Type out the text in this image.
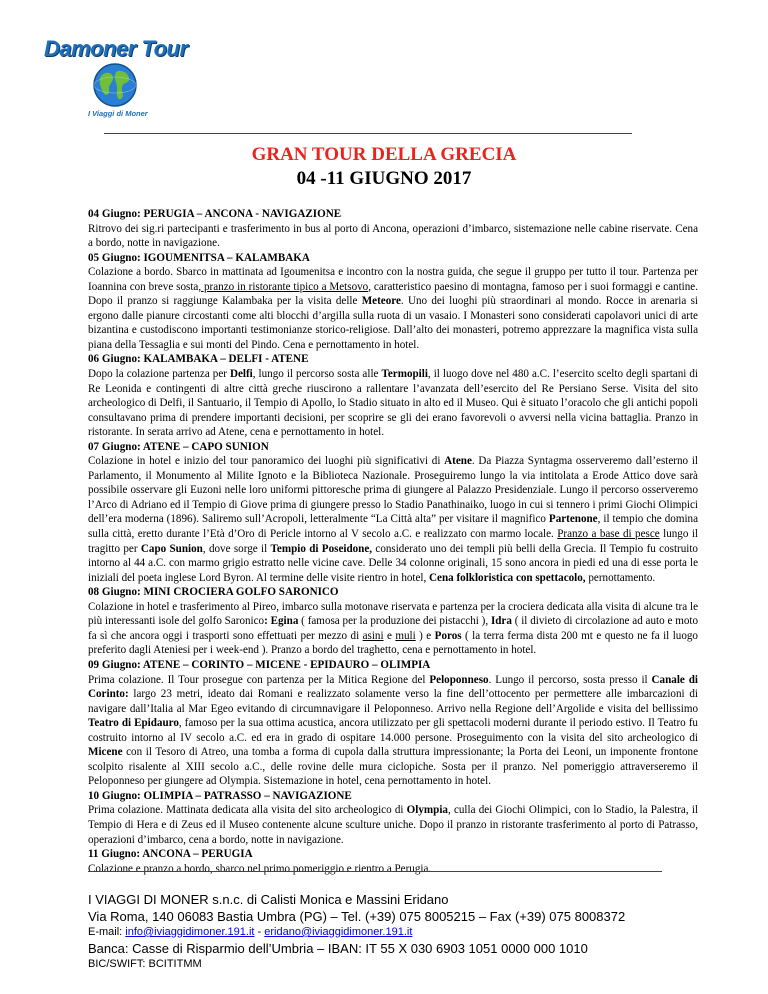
Damoner Tour
I Viaggi di Moner
GRAN TOUR DELLA GRECIA
04 -11 GIUGNO 2017

04 Giugno: PERUGIA – ANCONA - NAVIGAZIONE

Ritrovo dei sig.ri partecipanti e trasferimento in bus al porto di Ancona, operazioni d’imbarco, sistemazione nelle cabine riservate. Cena a bordo, notte in navigazione.

05 Giugno: IGOUMENITSA – KALAMBAKA

Colazione a bordo. Sbarco in mattinata ad Igoumenitsa e incontro con la nostra guida, che segue il gruppo per tutto il tour. Partenza per Ioannina con breve sosta, pranzo in ristorante tipico a Metsovo, caratteristico paesino di montagna, famoso per i suoi formaggi e cantine. Dopo il pranzo si raggiunge Kalambaka per la visita delle Meteore. Uno dei luoghi più straordinari al mondo. Rocce in arenaria si ergono dalle pianure circostanti come alti blocchi d’argilla sulla ruota di un vasaio. I Monasteri sono considerati capolavori unici di arte bizantina e custodiscono importanti testimonianze storico-religiose. Dall’alto dei monasteri, potremo apprezzare la magnifica vista sulla piana della Tessaglia e sui monti del Pindo. Cena e pernottamento in hotel.

06 Giugno: KALAMBAKA – DELFI - ATENE

Dopo la colazione partenza per Delfi, lungo il percorso sosta alle Termopili, il luogo dove nel 480 a.C. l’esercito scelto degli spartani di Re Leonida e contingenti di altre città greche riuscirono a rallentare l’avanzata dell’esercito del Re Persiano Serse. Visita del sito archeologico di Delfi, il Santuario, il Tempio di Apollo, lo Stadio situato in alto ed il Museo. Qui è situato l’oracolo che gli antichi popoli consultavano prima di prendere importanti decisioni, per scoprire se gli dei erano favorevoli o avversi nella vicina battaglia. Pranzo in ristorante. In serata arrivo ad Atene, cena e pernottamento in hotel.

07 Giugno: ATENE – CAPO SUNION

Colazione in hotel e inizio del tour panoramico dei luoghi più significativi di Atene. Da Piazza Syntagma osserveremo dall’esterno il Parlamento, il Monumento al Milite Ignoto e la Biblioteca Nazionale. Proseguiremo lungo la via intitolata a Erode Attico dove sarà possibile osservare gli Euzoni nelle loro uniformi pittoresche prima di giungere al Palazzo Presidenziale. Lungo il percorso osserveremo l’Arco di Adriano ed il Tempio di Giove prima di giungere presso lo Stadio Panathinaiko, luogo in cui si tennero i primi Giochi Olimpici dell’era moderna (1896). Saliremo sull’Acropoli, letteralmente “La Città alta” per visitare il magnifico Partenone, il tempio che domina sulla città, eretto durante l’Età d’Oro di Pericle intorno al V secolo a.C. e realizzato con marmo locale. Pranzo a base di pesce lungo il tragitto per Capo Sunion, dove sorge il Tempio di Poseidone, considerato uno dei templi più belli della Grecia. Il Tempio fu costruito intorno al 44 a.C. con marmo grigio estratto nelle vicine cave. Delle 34 colonne originali, 15 sono ancora in piedi ed una di esse porta le iniziali del poeta inglese Lord Byron. Al termine delle visite rientro in hotel, Cena folkloristica con spettacolo, pernottamento.

08 Giugno: MINI CROCIERA GOLFO SARONICO

Colazione in hotel e trasferimento al Pireo, imbarco sulla motonave riservata e partenza per la crociera dedicata alla visita di alcune tra le più interessanti isole del golfo Saronico: Egina ( famosa per la produzione dei pistacchi ), Idra ( il divieto di circolazione ad auto e moto fa sì che ancora oggi i trasporti sono effettuati per mezzo di asini e muli ) e Poros ( la terra ferma dista 200 mt e questo ne fa il luogo preferito dagli Ateniesi per i week-end ). Pranzo a bordo del traghetto, cena e pernottamento in hotel.

09 Giugno: ATENE – CORINTO – MICENE - EPIDAURO – OLIMPIA

Prima colazione. Il Tour prosegue con partenza per la Mitica Regione del Peloponneso. Lungo il percorso, sosta presso il Canale di Corinto: largo 23 metri, ideato dai Romani e realizzato solamente verso la fine dell’ottocento per permettere alle imbarcazioni di navigare dall’Italia al Mar Egeo evitando di circumnavigare il Peloponneso. Arrivo nella Regione dell’Argolide e visita del bellissimo Teatro di Epidauro, famoso per la sua ottima acustica, ancora utilizzato per gli spettacoli moderni durante il periodo estivo. Il Teatro fu costruito intorno al IV secolo a.C. ed era in grado di ospitare 14.000 persone. Proseguimento con la visita del sito archeologico di Micene con il Tesoro di Atreo, una tomba a forma di cupola dalla struttura impressionante; la Porta dei Leoni, un imponente frontone scolpito risalente al XIII secolo a.C., delle rovine delle mura ciclopiche. Sosta per il pranzo. Nel pomeriggio attraverseremo il Peloponneso per giungere ad Olympia. Sistemazione in hotel, cena pernottamento in hotel.

10 Giugno: OLIMPIA – PATRASSO – NAVIGAZIONE

Prima colazione. Mattinata dedicata alla visita del sito archeologico di Olympia, culla dei Giochi Olimpici, con lo Stadio, la Palestra, il Tempio di Hera e di Zeus ed il Museo contenente alcune sculture uniche. Dopo il pranzo in ristorante trasferimento al porto di Patrasso, operazioni d’imbarco, cena a bordo, notte in navigazione.

11 Giugno: ANCONA – PERUGIA

Colazione e pranzo a bordo, sbarco nel primo pomeriggio e rientro a Perugia.

I VIAGGI DI MONER s.n.c. di Calisti Monica e Massini Eridano
Via Roma, 140 06083 Bastia Umbra (PG) – Tel. (+39) 075 8005215 – Fax (+39) 075 8008372
E-mail: info@iviaggidimoner.191.it - eridano@iviaggidimoner.191.it
Banca: Casse di Risparmio dell’Umbria – IBAN: IT 55 X 030 6903 1051 0000 000 1010
BIC/SWIFT: BCITITMM
